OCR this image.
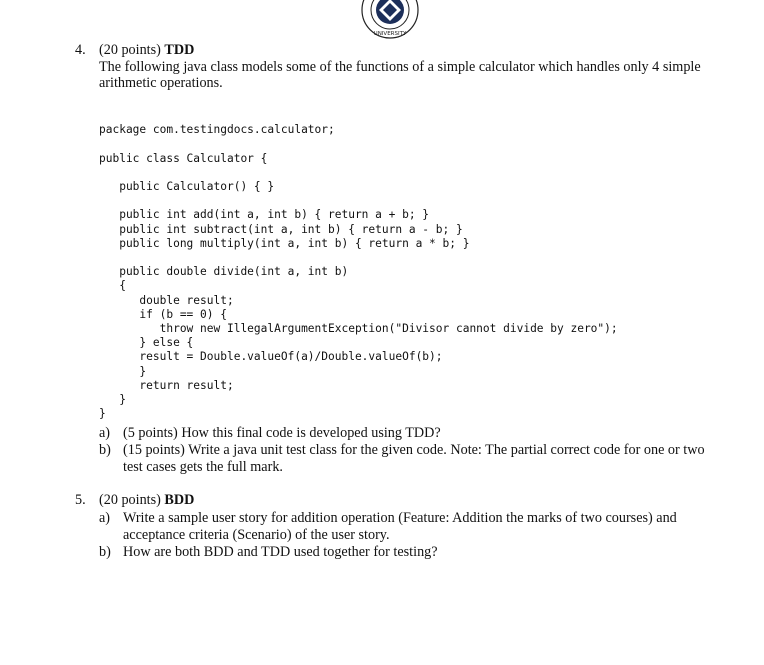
UNIVERSITY
4. (20 points) TDD

The following java class models some of the functions of a simple calculator which handles only 4 simple arithmetic operations.

package com.testingdocs.calculator;

public class Calculator {

public Calculator() { }

public int add(int a, int b) { return a + b; }
public int subtract(int a, int b) { return a - b; }
public long multiply(int a, int b) { return a * b; }

public double divide(int a, int b)
{
double result;
if (b == 0) {
throw new IllegalArgumentException("Divisor cannot divide by zero");
} else {
result = Double.valueOf(a)/Double.valueOf(b);
}
return result;
}
}

a) (5 points) How this final code is developed using TDD?
b) (15 points) Write a java unit test class for the given code. Note: The partial correct code for one or two test cases gets the full mark.
5. (20 points) BDD
a) Write a sample user story for addition operation (Feature: Addition the marks of two courses) and acceptance criteria (Scenario) of the user story.
b) How are both BDD and TDD used together for testing?
